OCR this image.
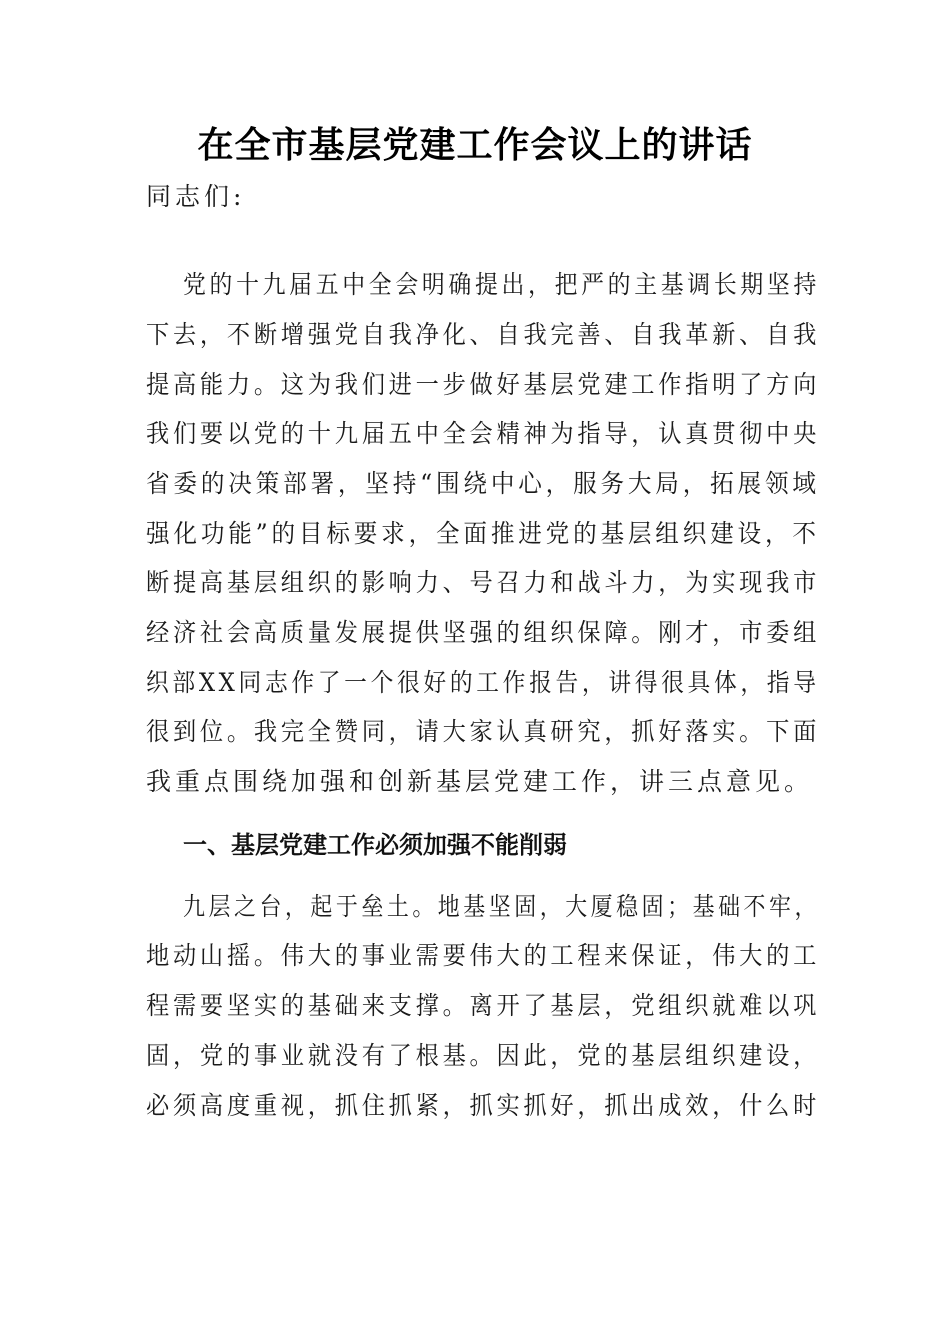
在全市基层党建工作会议上的讲话
同志们:
党的十九届五中全会明确提出，把严的主基调长期坚持
下去，不断增强党自我净化、自我完善、自我革新、自我
提高能力。这为我们进一步做好基层党建工作指明了方向
我们要以党的十九届五中全会精神为指导，认真贯彻中央
省委的决策部署，坚持“围绕中心，服务大局，拓展领域
强化功能”的目标要求，全面推进党的基层组织建设，不
断提高基层组织的影响力、号召力和战斗力，为实现我市
经济社会高质量发展提供坚强的组织保障。刚才，市委组
织部XX同志作了一个很好的工作报告，讲得很具体，指导
很到位。我完全赞同，请大家认真研究，抓好落实。下面
我重点围绕加强和创新基层党建工作，讲三点意见。
一、基层党建工作必须加强不能削弱
九层之台，起于垒土。地基坚固，大厦稳固；基础不牢，
地动山摇。伟大的事业需要伟大的工程来保证，伟大的工
程需要坚实的基础来支撑。离开了基层，党组织就难以巩
固，党的事业就没有了根基。因此，党的基层组织建设，
必须高度重视，抓住抓紧，抓实抓好，抓出成效，什么时
